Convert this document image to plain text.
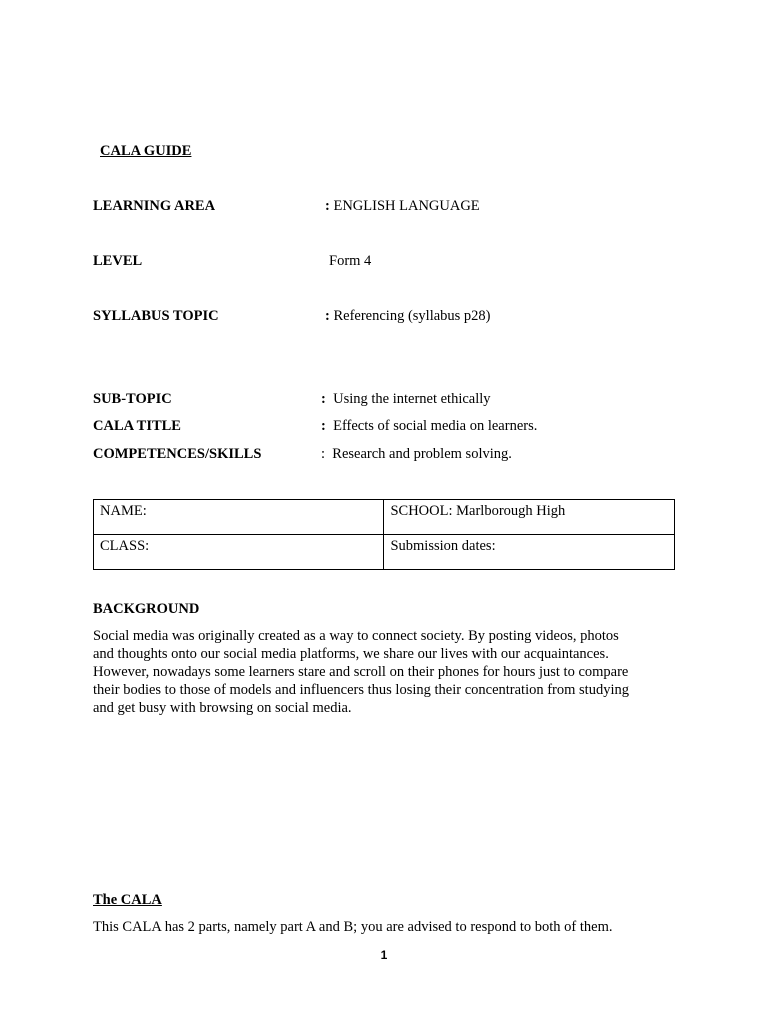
CALA GUIDE
LEARNING AREA	: ENGLISH LANGUAGE
LEVEL	Form 4
SYLLABUS TOPIC	: Referencing (syllabus p28)
SUB-TOPIC	: Using the internet ethically
CALA TITLE	: Effects of social media on learners.
COMPETENCES/SKILLS	: Research and problem solving.
NAME:	SCHOOL: Marlborough High
CLASS:	Submission dates:
BACKGROUND
Social media was originally created as a way to connect society. By posting videos, photos
and thoughts onto our social media platforms, we share our lives with our acquaintances.
However, nowadays some learners stare and scroll on their phones for hours just to compare
their bodies to those of models and influencers thus losing their concentration from studying
and get busy with browsing on social media.
The CALA
This CALA has 2 parts, namely part A and B; you are advised to respond to both of them.
1
